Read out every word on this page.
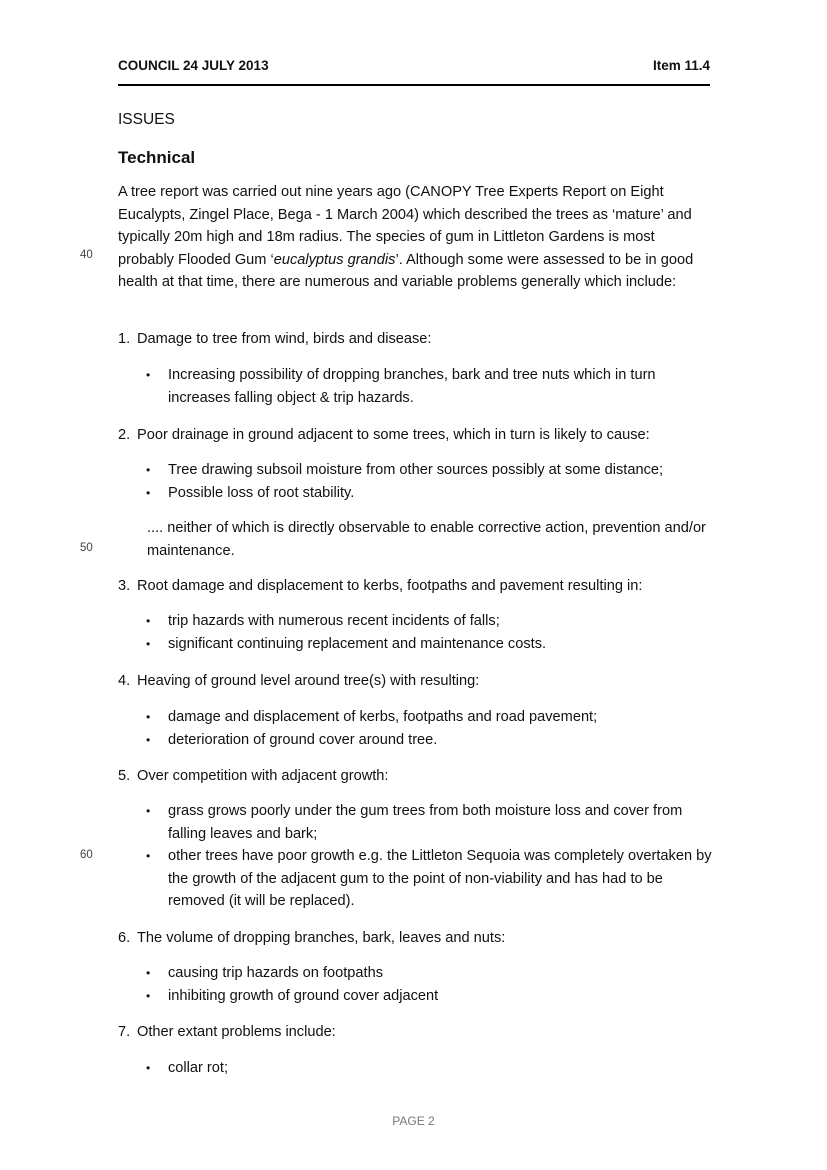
COUNCIL 24 JULY 2013	Item 11.4
ISSUES
Technical
A tree report was carried out nine years ago (CANOPY Tree Experts Report on Eight Eucalypts, Zingel Place, Bega - 1 March 2004) which described the trees as ‘mature’ and typically 20m high and 18m radius. The species of gum in Littleton Gardens is most probably Flooded Gum ‘eucalyptus grandis’. Although some were assessed to be in good health at that time, there are numerous and variable problems generally which include:
40
50
60
1. Damage to tree from wind, birds and disease:
• Increasing possibility of dropping branches, bark and tree nuts which in turn increases falling object & trip hazards.
2. Poor drainage in ground adjacent to some trees, which in turn is likely to cause:
• Tree drawing subsoil moisture from other sources possibly at some distance;
• Possible loss of root stability.
.... neither of which is directly observable to enable corrective action, prevention and/or maintenance.
3. Root damage and displacement to kerbs, footpaths and pavement resulting in:
• trip hazards with numerous recent incidents of falls;
• significant continuing replacement and maintenance costs.
4. Heaving of ground level around tree(s) with resulting:
• damage and displacement of kerbs, footpaths and road pavement;
• deterioration of ground cover around tree.
5. Over competition with adjacent growth:
• grass grows poorly under the gum trees from both moisture loss and cover from falling leaves and bark;
• other trees have poor growth e.g. the Littleton Sequoia was completely overtaken by the growth of the adjacent gum to the point of non-viability and has had to be removed (it will be replaced).
6. The volume of dropping branches, bark, leaves and nuts:
• causing trip hazards on footpaths
• inhibiting growth of ground cover adjacent
7. Other extant problems include:
• collar rot;
PAGE 2
